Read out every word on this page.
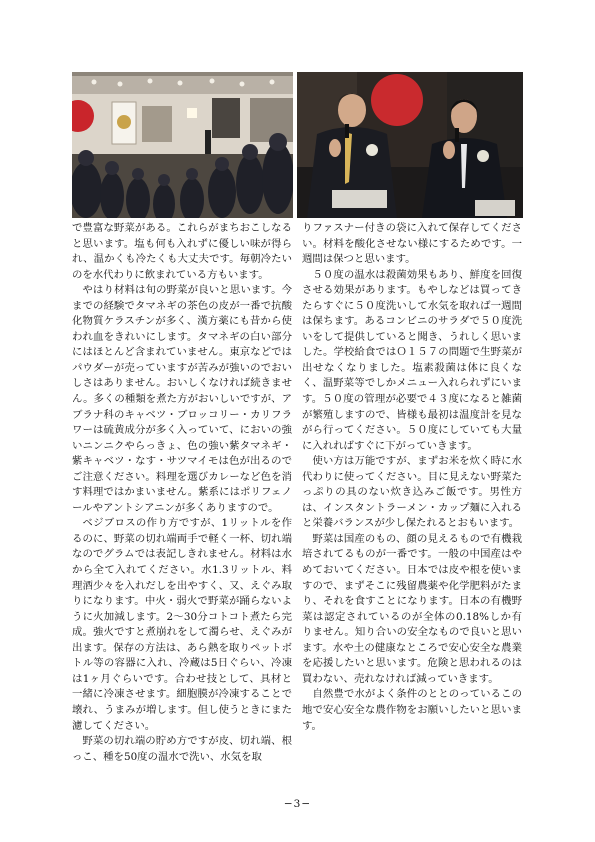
で豊富な野菜がある。これらがまちおこしなると思います。塩も何も入れずに優しい味が得られ、温かくも冷たくも大丈夫です。毎朝冷たいのを水代わりに飲まれている方もいます。

やはり材料は旬の野菜が良いと思います。今までの経験でタマネギの茶色の皮が一番で抗酸化物質ケラスチンが多く、漢方薬にも昔から使われ血をきれいにします。タマネギの白い部分にはほとんど含まれていません。東京などではパウダーが売っていますが苦みが強いのでおいしさはありません。おいしくなければ続きません。多くの種類を煮た方がおいしいですが、アブラナ科のキャベツ・ブロッコリー・カリフラワーは硫黄成分が多く入っていて、においの強いニンニクやらっきょ、色の強い紫タマネギ・紫キャベツ・なす・サツマイモは色が出るのでご注意ください。料理を選びカレーなど色を消す料理ではかまいません。紫系にはポリフェノールやアントシアニンが多くありますので。

ベジブロスの作り方ですが、1リットルを作るのに、野菜の切れ端両手で軽く一杯、切れ端なのでグラムでは表記しきれません。材料は水から全て入れてください。水1.3リットル、料理酒少々を入れだしを出やすく、又、えぐみ取りになります。中火・弱火で野菜が踊らないように火加減します。2～30分コトコト煮たら完成。強火ですと煮崩れをして濁らせ、えぐみが出ます。保存の方法は、あら熱を取りペットボトル等の容器に入れ、冷蔵は5日ぐらい、冷凍は1ヶ月ぐらいです。合わせ技として、具材と一緒に冷凍させます。細胞膜が冷凍することで壊れ、うまみが増します。但し使うときにまた濾してください。

野菜の切れ端の貯め方ですが皮、切れ端、根っこ、種を50度の温水で洗い、水気を取

りファスナー付きの袋に入れて保存してください。材料を酸化させない様にするためです。一週間は保つと思います。

５０度の温水は殺菌効果もあり、鮮度を回復させる効果があります。もやしなどは買ってきたらすぐに５０度洗いして水気を取れば一週間は保ちます。あるコンビニのサラダで５０度洗いをして提供していると聞き、うれしく思いました。学校給食ではＯ１５７の問題で生野菜が出せなくなりました。塩素殺菌は体に良くなく、温野菜等でしかメニュー入れられずにいます。５０度の管理が必要で４３度になると雑菌が繁殖しますので、皆様も最初は温度計を見ながら行ってください。５０度にしていても大量に入れればすぐに下がっていきます。

使い方は万能ですが、まずお米を炊く時に水代わりに使ってください。目に見えない野菜たっぷりの具のない炊き込みご飯です。男性方は、インスタントラーメン・カップ麺に入れると栄養バランスが少し保たれるとおもいます。

野菜は国産のもの、顔の見えるもので有機栽培されてるものが一番です。一般の中国産はやめておいてください。日本では皮や根を使いますので、まずそこに残留農薬や化学肥料がたまり、それを食すことになります。日本の有機野菜は認定されているのが全体の0.18%しか有りません。知り合いの安全なもので良いと思います。水や土の健康なところで安心安全な農業を応援したいと思います。危険と思われるのは買わない、売れなければ減っていきます。

自然豊で水がよく条件のととのっているこの地で安心安全な農作物をお願いしたいと思います。

−3−
